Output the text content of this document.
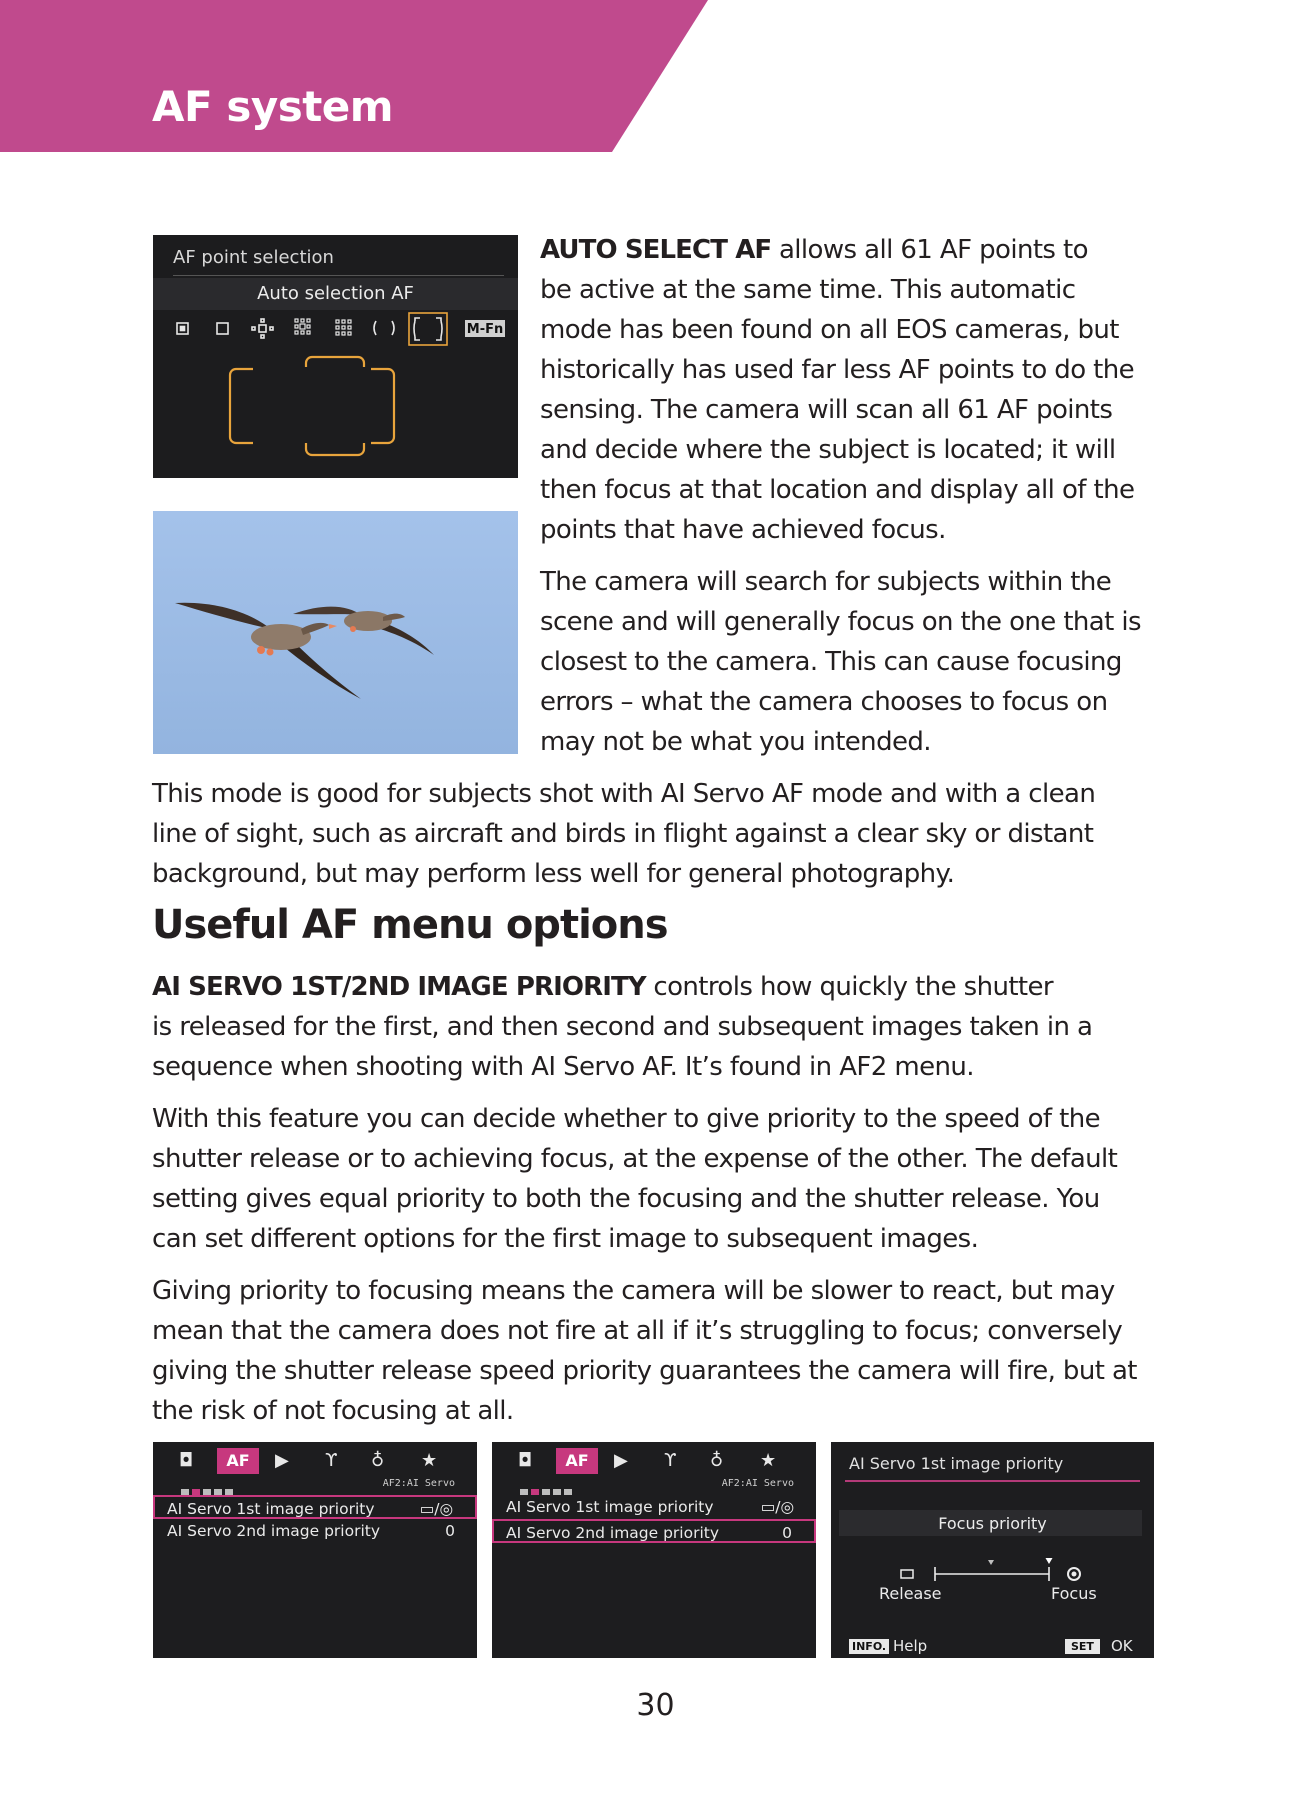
AF system
AF point selection
Auto selection AF
M-Fn

AUTO SELECT AF allows all 61 AF points to
be active at the same time. This automatic
mode has been found on all EOS cameras, but
historically has used far less AF points to do the
sensing. The camera will scan all 61 AF points
and decide where the subject is located; it will
then focus at that location and display all of the
points that have achieved focus.

The camera will search for subjects within the
scene and will generally focus on the one that is
closest to the camera. This can cause focusing
errors – what the camera chooses to focus on
may not be what you intended.

This mode is good for subjects shot with AI Servo AF mode and with a clean
line of sight, such as aircraft and birds in flight against a clear sky or distant
background, but may perform less well for general photography.

Useful AF menu options

AI SERVO 1ST/2ND IMAGE PRIORITY controls how quickly the shutter
is released for the first, and then second and subsequent images taken in a
sequence when shooting with AI Servo AF. It’s found in AF2 menu.

With this feature you can decide whether to give priority to the speed of the
shutter release or to achieving focus, at the expense of the other. The default
setting gives equal priority to both the focusing and the shutter release. You
can set different options for the first image to subsequent images.

Giving priority to focusing means the camera will be slower to react, but may
mean that the camera does not fire at all if it’s struggling to focus; conversely
giving the shutter release speed priority guarantees the camera will fire, but at
the risk of not focusing at all.

◘	AF	▶ ϒ ♁ ★
AF2:AI Servo
AI Servo 1st image priority	▭/◎
AI Servo 2nd image priority	0
◘	AF	▶ ϒ ♁ ★
AF2:AI Servo
AI Servo 1st image priority	▭/◎
AI Servo 2nd image priority	0
AI Servo 1st image priority
Focus priority
Release	Focus
INFO. Help	SET	OK
30
